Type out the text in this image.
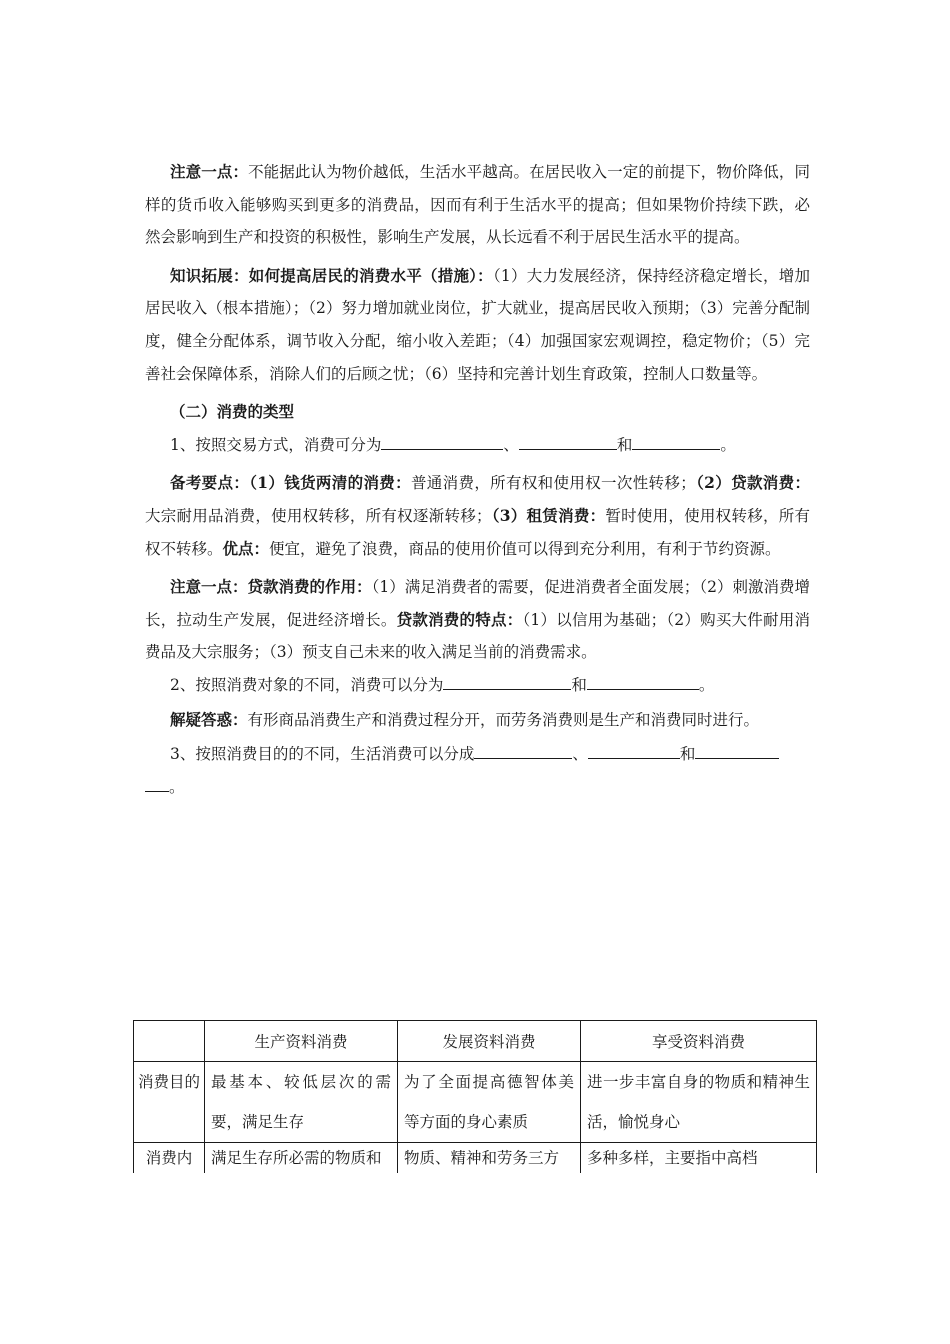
注意一点：不能据此认为物价越低，生活水平越高。在居民收入一定的前提下，物价降低，同样的货币收入能够购买到更多的消费品，因而有利于生活水平的提高；但如果物价持续下跌，必然会影响到生产和投资的积极性，影响生产发展，从长远看不利于居民生活水平的提高。

知识拓展：如何提高居民的消费水平（措施）：（1）大力发展经济，保持经济稳定增长，增加居民收入（根本措施）；（2）努力增加就业岗位，扩大就业，提高居民收入预期；（3）完善分配制度，健全分配体系，调节收入分配，缩小收入差距；（4）加强国家宏观调控，稳定物价；（5）完善社会保障体系，消除人们的后顾之忧；（6）坚持和完善计划生育政策，控制人口数量等。

（二）消费的类型

1、按照交易方式，消费可分为	、	和	。

备考要点：（1）钱货两清的消费：普通消费，所有权和使用权一次性转移；（2）贷款消费：大宗耐用品消费，使用权转移，所有权逐渐转移；（3）租赁消费：暂时使用，使用权转移，所有权不转移。优点：便宜，避免了浪费，商品的使用价值可以得到充分利用，有利于节约资源。

注意一点：贷款消费的作用：（1）满足消费者的需要，促进消费者全面发展；（2）刺激消费增长，拉动生产发展，促进经济增长。贷款消费的特点：（1）以信用为基础；（2）购买大件耐用消费品及大宗服务；（3）预支自己未来的收入满足当前的消费需求。

2、按照消费对象的不同，消费可以分为	和	。

解疑答惑：有形商品消费生产和消费过程分开，而劳务消费则是生产和消费同时进行。

3、按照消费目的的不同，生活消费可以分成	、	和
。

	生产资料消费	发展资料消费	享受资料消费
消费目的	最基本、较低层次的需要，满足生存	为了全面提高德智体美等方面的身心素质	进一步丰富自身的物质和精神生活，愉悦身心
消费内	满足生存所必需的物质和	物质、精神和劳务三方	多种多样，主要指中高档
